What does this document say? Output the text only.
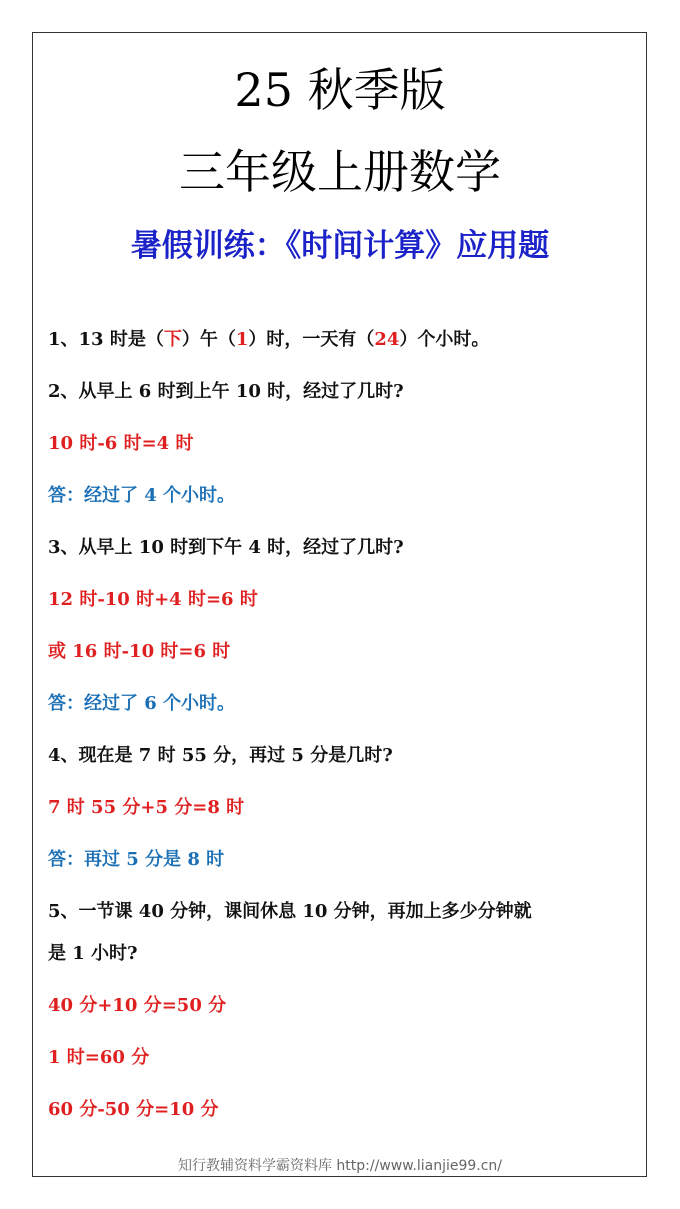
25 秋季版
三年级上册数学
暑假训练：《时间计算》应用题
1、13 时是（下）午（1）时，一天有（24）个小时。
2、从早上 6 时到上午 10 时，经过了几时?
10 时-6 时=4 时
答：经过了 4 个小时。
3、从早上 10 时到下午 4 时，经过了几时?
12 时-10 时+4 时=6 时
或 16 时-10 时=6 时
答：经过了 6 个小时。
4、现在是 7 时 55 分，再过 5 分是几时?
7 时 55 分+5 分=8 时
答：再过 5 分是 8 时
5、一节课 40 分钟，课间休息 10 分钟，再加上多少分钟就
是 1 小时?
40 分+10 分=50 分
1 时=60 分
60 分-50 分=10 分
知行教辅资料学霸资料库 http://www.lianjie99.cn/
